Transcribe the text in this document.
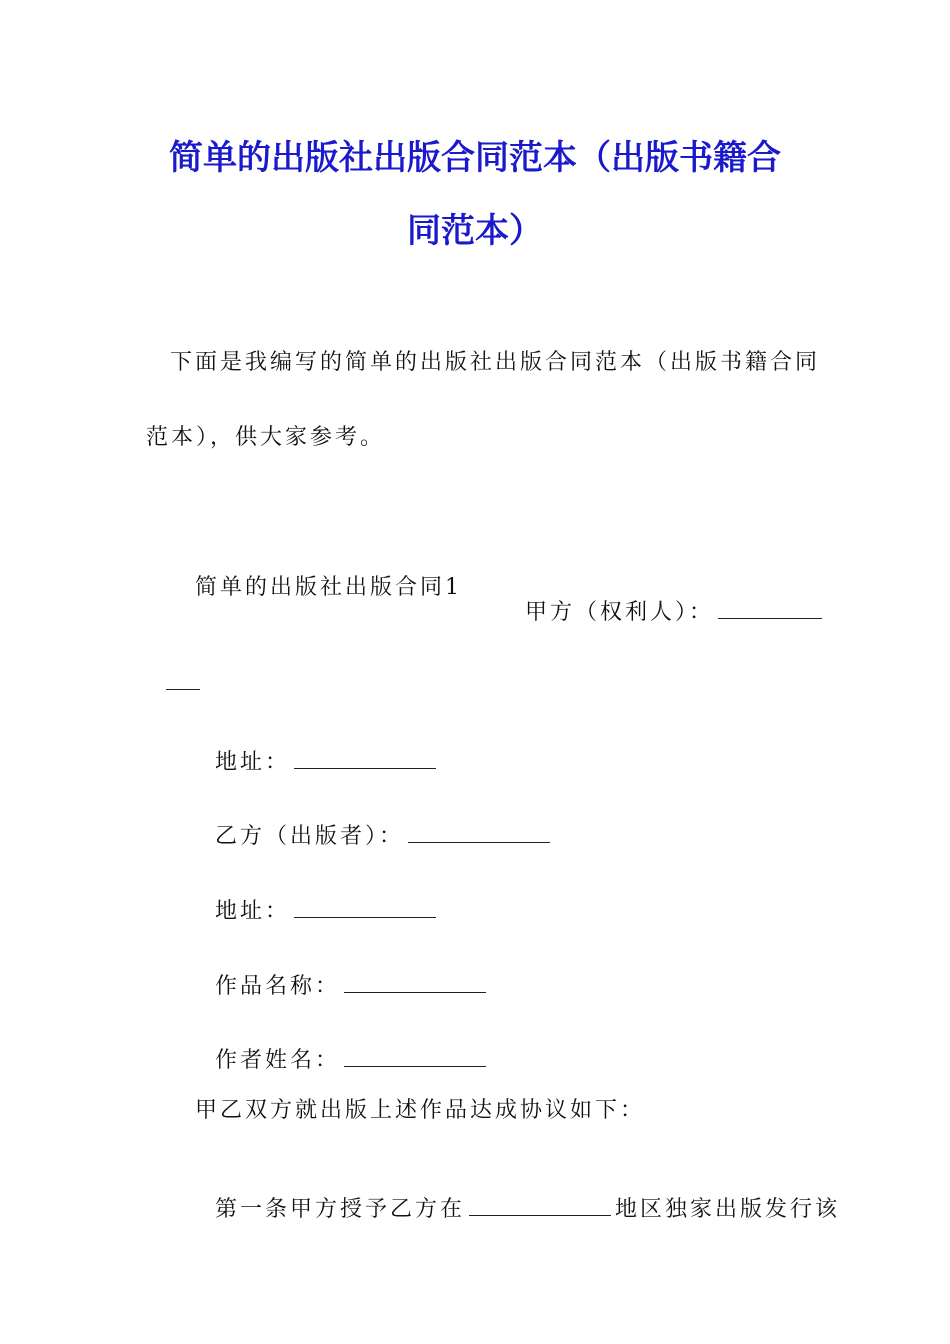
简单的出版社出版合同范本（出版书籍合
同范本）
下面是我编写的简单的出版社出版合同范本（出版书籍合同
范本），供大家参考。
简单的出版社出版合同1

甲方（权利人）：

地址：

乙方（出版者）：

地址：

作品名称：

作者姓名：

甲乙双方就出版上述作品达成协议如下：

第一条甲方授予乙方在	地区独家出版发行该
